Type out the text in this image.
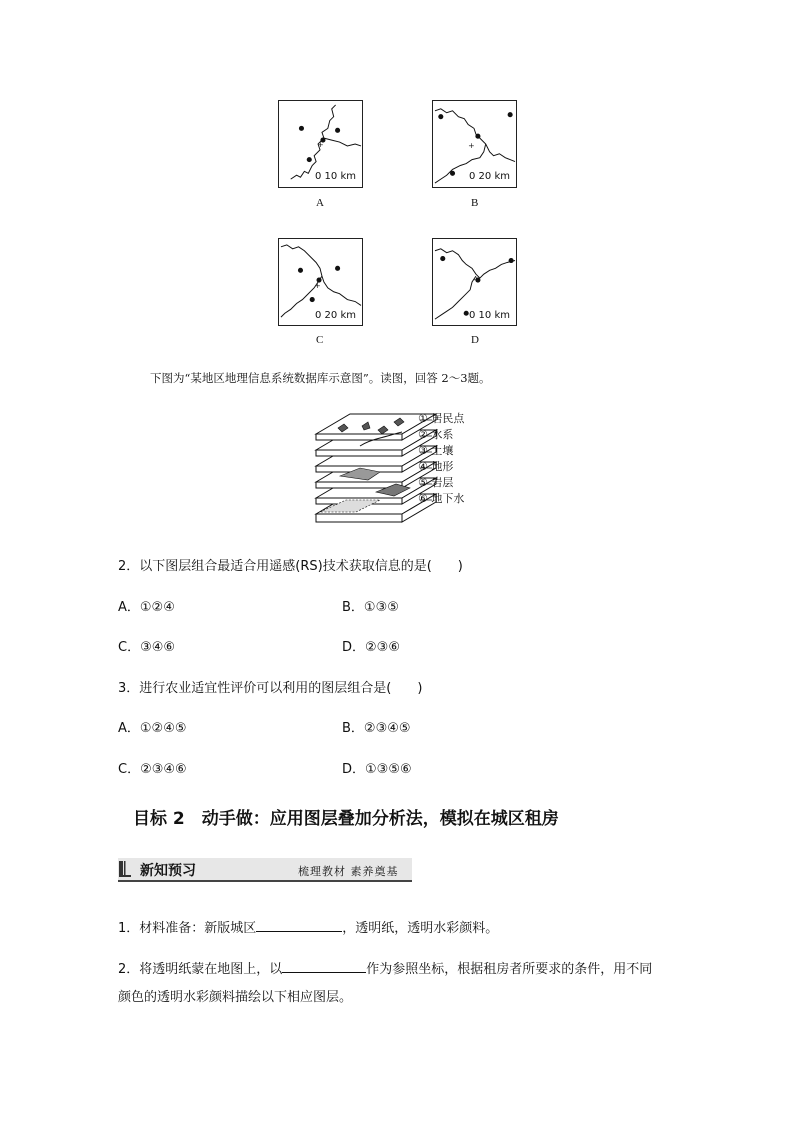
+
0 10 km
A
+
0 20 km
B
+
0 20 km
C
+
0 10 km
D
下图为“某地区地理信息系统数据库示意图”。读图，回答 2～3题。
① 居民点
② 水系
③ 土壤
④ 地形
⑤ 岩层
⑥ 地下水
2．以下图层组合最适合用遥感(RS)技术获取信息的是(　　)
A．①②④	B．①③⑤
C．③④⑥	D．②③⑥
3．进行农业适宜性评价可以利用的图层组合是(　　)
A．①②④⑤	B．②③④⑤
C．②③④⑥	D．①③⑤⑥
目标 2　动手做：应用图层叠加分析法，模拟在城区租房
新知预习	梳理教材 素养奠基
1．材料准备：新版城区	，透明纸，透明水彩颜料。
2．将透明纸蒙在地图上，以	作为参照坐标，根据租房者所要求的条件，用不同
颜色的透明水彩颜料描绘以下相应图层。
